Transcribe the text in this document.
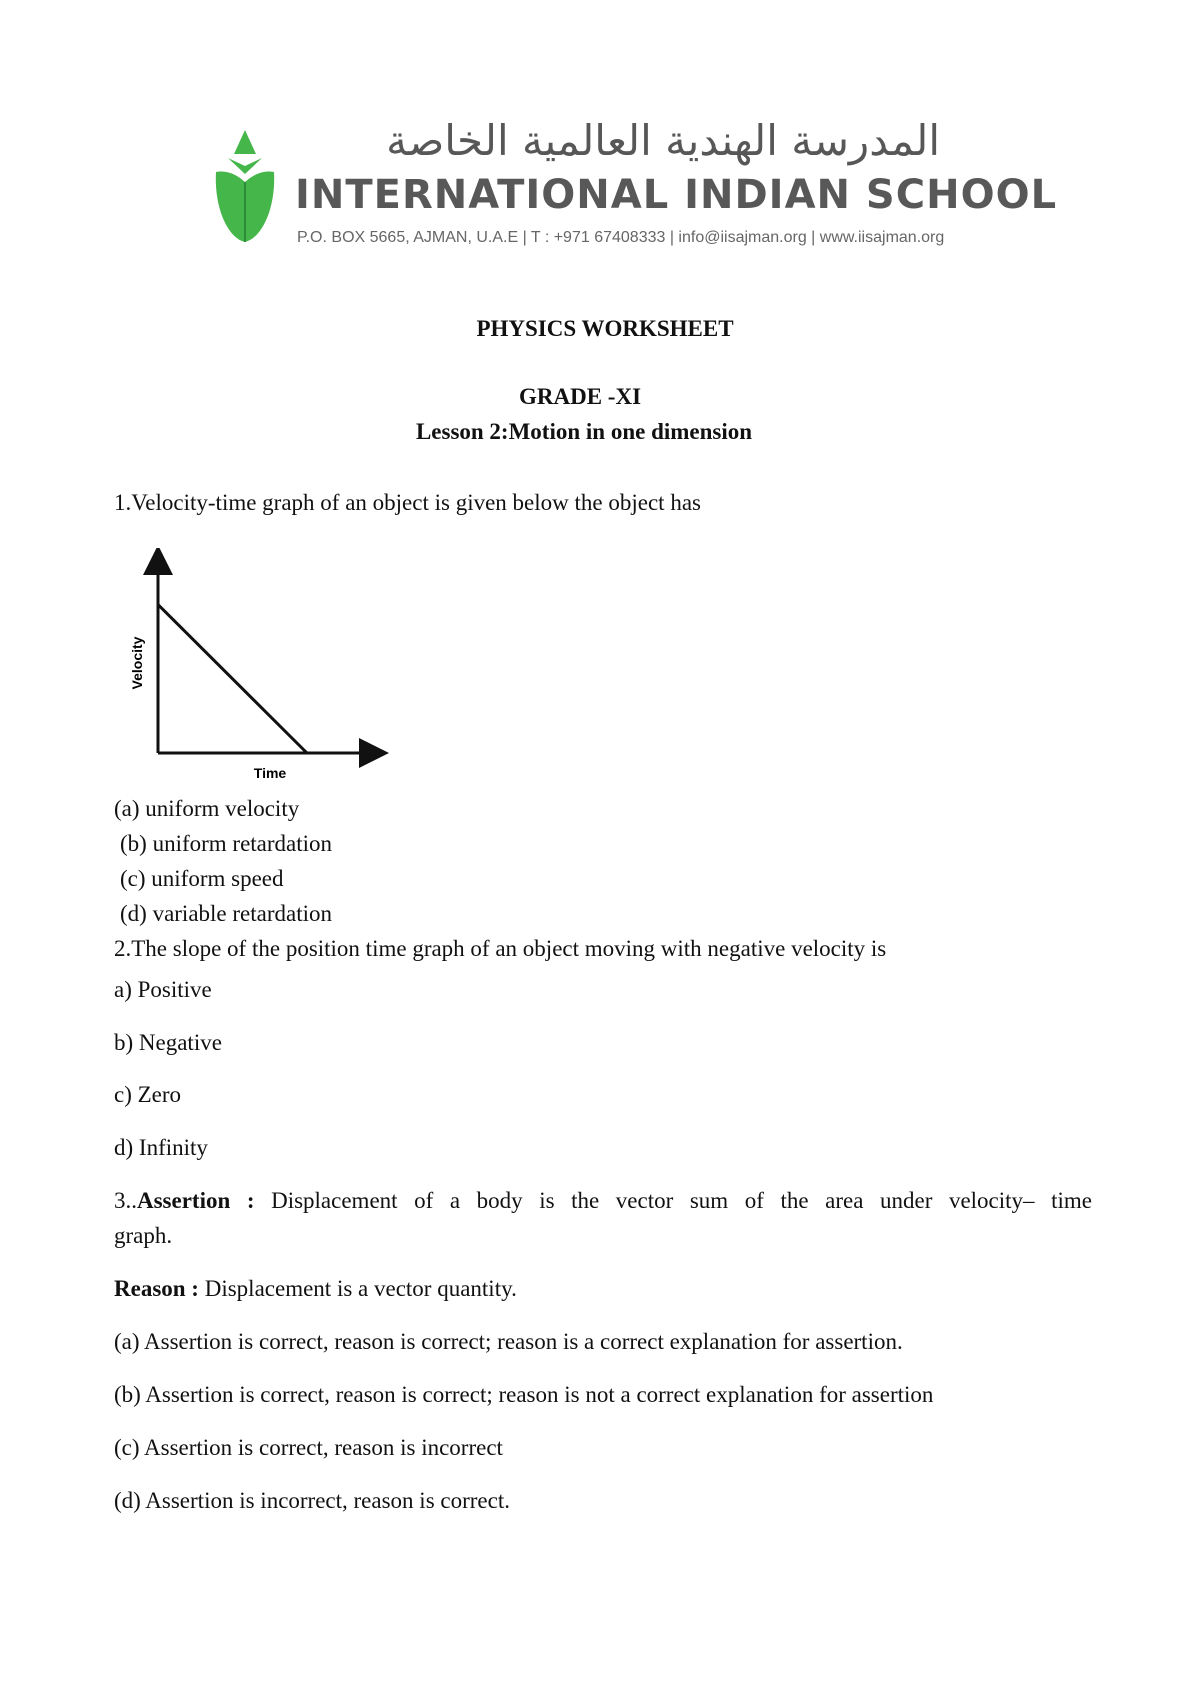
المدرسة الهندية العالمية الخاصة
INTERNATIONAL INDIAN SCHOOL
P.O. BOX 5665, AJMAN, U.A.E | T : +971 67408333 | info@iisajman.org | www.iisajman.org
PHYSICS WORKSHEET
GRADE -XI
Lesson 2:Motion in one dimension
1.Velocity-time graph of an object is given below the object has
Velocity
Time
(a) uniform velocity
(b) uniform retardation
(c) uniform speed
(d) variable retardation
2.The slope of the position time graph of an object moving with negative velocity is
a) Positive
b) Negative
c) Zero
d) Infinity
3..Assertion : Displacement of a body is the vector sum of the area under velocity– time
graph.
Reason : Displacement is a vector quantity.
(a) Assertion is correct, reason is correct; reason is a correct explanation for assertion.
(b) Assertion is correct, reason is correct; reason is not a correct explanation for assertion
(c) Assertion is correct, reason is incorrect
(d) Assertion is incorrect, reason is correct.
